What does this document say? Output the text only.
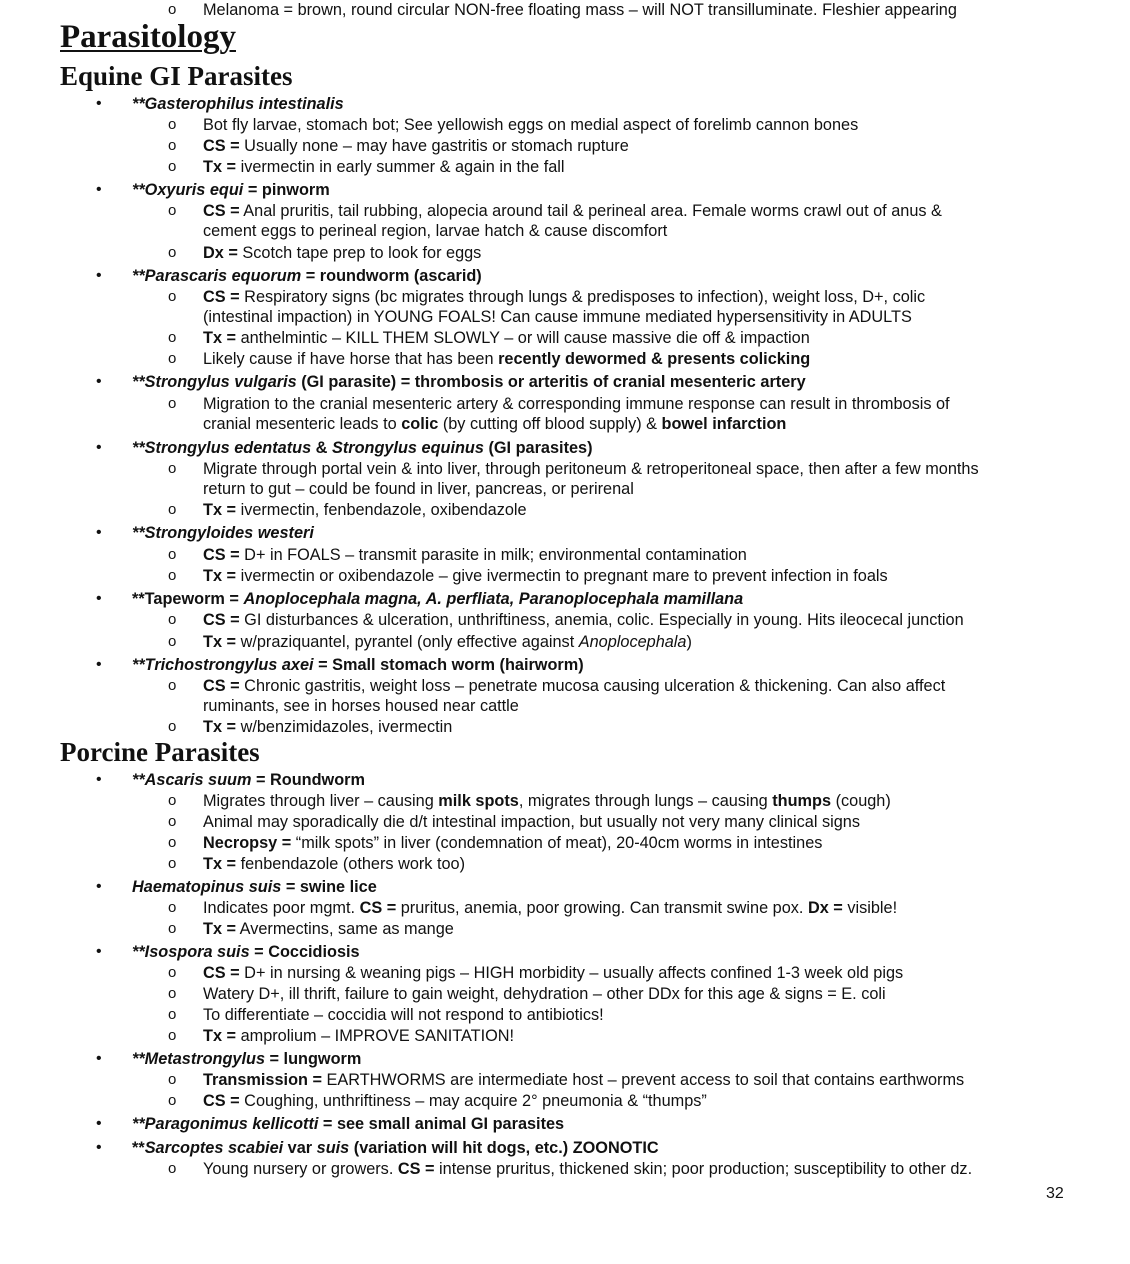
o Melanoma = brown, round circular NON-free floating mass – will NOT transilluminate. Fleshier appearing
Parasitology
Equine GI Parasites
• **Gasterophilus intestinalis
o Bot fly larvae, stomach bot; See yellowish eggs on medial aspect of forelimb cannon bones
o CS = Usually none – may have gastritis or stomach rupture
o Tx = ivermectin in early summer & again in the fall
• **Oxyuris equi = pinworm
o CS = Anal pruritis, tail rubbing, alopecia around tail & perineal area. Female worms crawl out of anus &
cement eggs to perineal region, larvae hatch & cause discomfort
o Dx = Scotch tape prep to look for eggs
• **Parascaris equorum = roundworm (ascarid)
o CS = Respiratory signs (bc migrates through lungs & predisposes to infection), weight loss, D+, colic
(intestinal impaction) in YOUNG FOALS! Can cause immune mediated hypersensitivity in ADULTS
o Tx = anthelmintic – KILL THEM SLOWLY – or will cause massive die off & impaction
o Likely cause if have horse that has been recently dewormed & presents colicking
• **Strongylus vulgaris (GI parasite) = thrombosis or arteritis of cranial mesenteric artery
o Migration to the cranial mesenteric artery & corresponding immune response can result in thrombosis of
cranial mesenteric leads to colic (by cutting off blood supply) & bowel infarction
• **Strongylus edentatus & Strongylus equinus (GI parasites)
o Migrate through portal vein & into liver, through peritoneum & retroperitoneal space, then after a few months
return to gut – could be found in liver, pancreas, or perirenal
o Tx = ivermectin, fenbendazole, oxibendazole
• **Strongyloides westeri
o CS = D+ in FOALS – transmit parasite in milk; environmental contamination
o Tx = ivermectin or oxibendazole – give ivermectin to pregnant mare to prevent infection in foals
• **Tapeworm = Anoplocephala magna, A. perfliata, Paranoplocephala mamillana
o CS = GI disturbances & ulceration, unthriftiness, anemia, colic. Especially in young. Hits ileocecal junction
o Tx = w/praziquantel, pyrantel (only effective against Anoplocephala)
• **Trichostrongylus axei = Small stomach worm (hairworm)
o CS = Chronic gastritis, weight loss – penetrate mucosa causing ulceration & thickening. Can also affect
ruminants, see in horses housed near cattle
o Tx = w/benzimidazoles, ivermectin
Porcine Parasites
• **Ascaris suum = Roundworm
o Migrates through liver – causing milk spots, migrates through lungs – causing thumps (cough)
o Animal may sporadically die d/t intestinal impaction, but usually not very many clinical signs
o Necropsy = “milk spots” in liver (condemnation of meat), 20-40cm worms in intestines
o Tx = fenbendazole (others work too)
• Haematopinus suis = swine lice
o Indicates poor mgmt. CS = pruritus, anemia, poor growing. Can transmit swine pox. Dx = visible!
o Tx = Avermectins, same as mange
• **Isospora suis = Coccidiosis
o CS = D+ in nursing & weaning pigs – HIGH morbidity – usually affects confined 1-3 week old pigs
o Watery D+, ill thrift, failure to gain weight, dehydration – other DDx for this age & signs = E. coli
o To differentiate – coccidia will not respond to antibiotics!
o Tx = amprolium – IMPROVE SANITATION!
• **Metastrongylus = lungworm
o Transmission = EARTHWORMS are intermediate host – prevent access to soil that contains earthworms
o CS = Coughing, unthriftiness – may acquire 2° pneumonia & “thumps”
• **Paragonimus kellicotti = see small animal GI parasites
• **Sarcoptes scabiei var suis (variation will hit dogs, etc.) ZOONOTIC
o Young nursery or growers. CS = intense pruritus, thickened skin; poor production; susceptibility to other dz.
32
